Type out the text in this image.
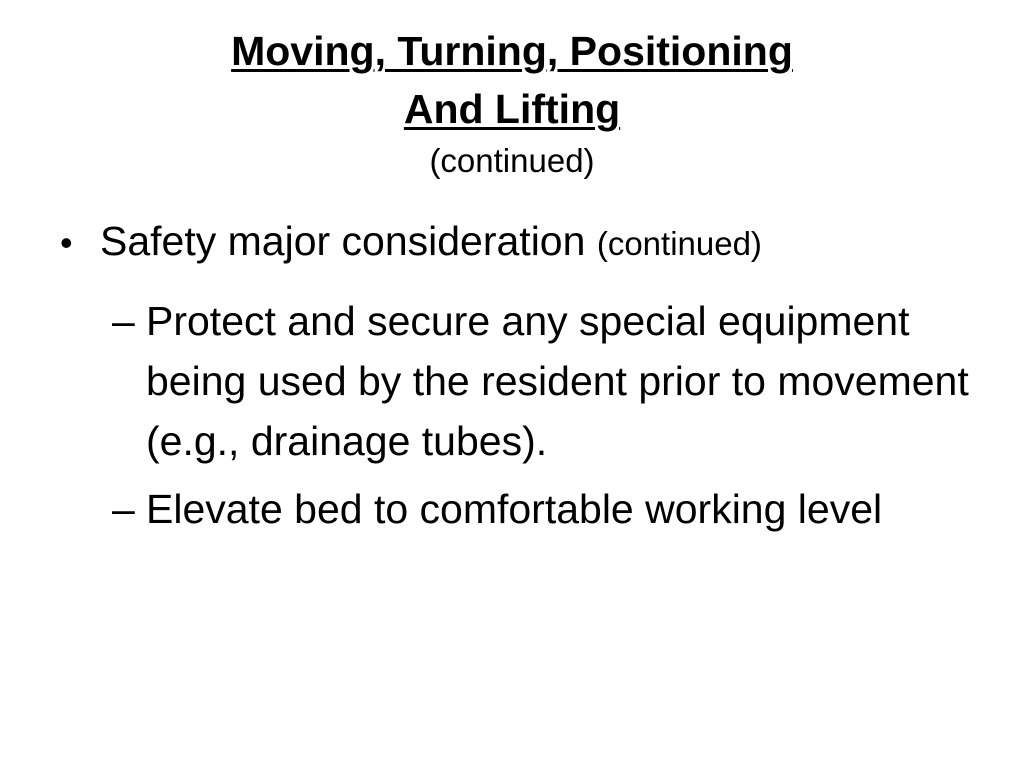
Moving, Turning, Positioning
And Lifting
(continued)
• Safety major consideration (continued)
– Protect and secure any special equipment being used by the resident prior to movement (e.g., drainage tubes).
– Elevate bed to comfortable working level
